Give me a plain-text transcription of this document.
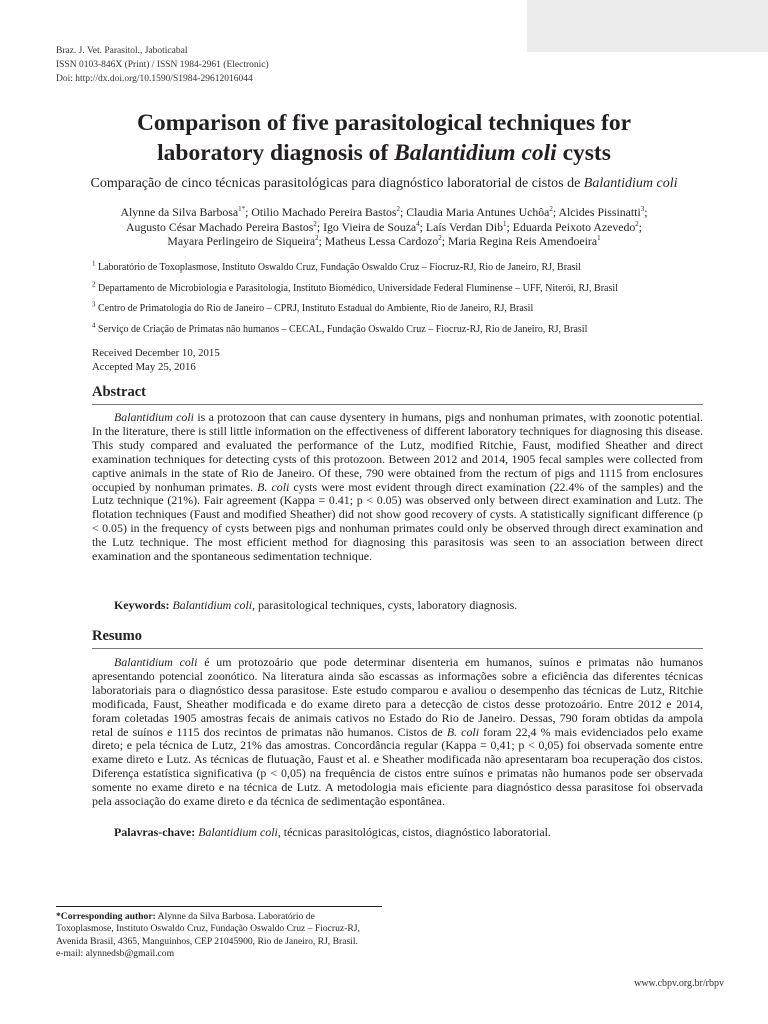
Braz. J. Vet. Parasitol., Jaboticabal
ISSN 0103-846X (Print) / ISSN 1984-2961 (Electronic)
Doi: http://dx.doi.org/10.1590/S1984-29612016044
Comparison of five parasitological techniques for
laboratory diagnosis of Balantidium coli cysts
Comparação de cinco técnicas parasitológicas para diagnóstico laboratorial de cistos de Balantidium coli
Alynne da Silva Barbosa$^{1*}$; Otilio Machado Pereira Bastos$^2$; Claudia Maria Antunes Uchôa$^2$; Alcides Pissinatti$^3$;
Augusto César Machado Pereira Bastos$^2$; Igo Vieira de Souza$^4$; Laís Verdan Dib$^1$; Eduarda Peixoto Azevedo$^2$;
Mayara Perlingeiro de Siqueira$^2$; Matheus Lessa Cardozo$^2$; Maria Regina Reis Amendoeira$^1$
$^1$ Laboratório de Toxoplasmose, Instituto Oswaldo Cruz, Fundação Oswaldo Cruz – Fiocruz-RJ, Rio de Janeiro, RJ, Brasil
$^2$ Departamento de Microbiologia e Parasitologia, Instituto Biomédico, Universidade Federal Fluminense – UFF, Niterói, RJ, Brasil
$^3$ Centro de Primatologia do Rio de Janeiro – CPRJ, Instituto Estadual do Ambiente, Rio de Janeiro, RJ, Brasil
$^4$ Serviço de Criação de Primatas não humanos – CECAL, Fundação Oswaldo Cruz – Fiocruz-RJ, Rio de Janeiro, RJ, Brasil
Received December 10, 2015
Accepted May 25, 2016
Abstract

Balantidium coli is a protozoon that can cause dysentery in humans, pigs and nonhuman primates, with zoonotic potential. In the literature, there is still little information on the effectiveness of different laboratory techniques for diagnosing this disease. This study compared and evaluated the performance of the Lutz, modified Ritchie, Faust, modified Sheather and direct examination techniques for detecting cysts of this protozoon. Between 2012 and 2014, 1905 fecal samples were collected from captive animals in the state of Rio de Janeiro. Of these, 790 were obtained from the rectum of pigs and 1115 from enclosures occupied by nonhuman primates. B. coli cysts were most evident through direct examination (22.4% of the samples) and the Lutz technique (21%). Fair agreement (Kappa = 0.41; p < 0.05) was observed only between direct examination and Lutz. The flotation techniques (Faust and modified Sheather) did not show good recovery of cysts. A statistically significant difference (p < 0.05) in the frequency of cysts between pigs and nonhuman primates could only be observed through direct examination and the Lutz technique. The most efficient method for diagnosing this parasitosis was seen to an association between direct examination and the spontaneous sedimentation technique.

Keywords: Balantidium coli, parasitological techniques, cysts, laboratory diagnosis.

Resumo

Balantidium coli é um protozoário que pode determinar disenteria em humanos, suínos e primatas não humanos apresentando potencial zoonótico. Na literatura ainda são escassas as informações sobre a eficiência das diferentes técnicas laboratoriais para o diagnóstico dessa parasitose. Este estudo comparou e avaliou o desempenho das técnicas de Lutz, Ritchie modificada, Faust, Sheather modificada e do exame direto para a detecção de cistos desse protozoário. Entre 2012 e 2014, foram coletadas 1905 amostras fecais de animais cativos no Estado do Rio de Janeiro. Dessas, 790 foram obtidas da ampola retal de suínos e 1115 dos recintos de primatas não humanos. Cistos de B. coli foram 22,4 % mais evidenciados pelo exame direto; e pela técnica de Lutz, 21% das amostras. Concordância regular (Kappa = 0,41; p < 0,05) foi observada somente entre exame direto e Lutz. As técnicas de flutuação, Faust et al. e Sheather modificada não apresentaram boa recuperação dos cistos. Diferença estatística significativa (p < 0,05) na frequência de cistos entre suínos e primatas não humanos pode ser observada somente no exame direto e na técnica de Lutz. A metodologia mais eficiente para diagnóstico dessa parasitose foi observada pela associação do exame direto e da técnica de sedimentação espontânea.

Palavras-chave: Balantidium coli, técnicas parasitológicas, cistos, diagnóstico laboratorial.

*Corresponding author: Alynne da Silva Barbosa. Laboratório de
Toxoplasmose, Instituto Oswaldo Cruz, Fundação Oswaldo Cruz – Fiocruz-RJ,
Avenida Brasil, 4365, Manguinhos, CEP 21045900, Rio de Janeiro, RJ, Brasil.
e-mail: alynnedsb@gmail.com
www.cbpv.org.br/rbpv
